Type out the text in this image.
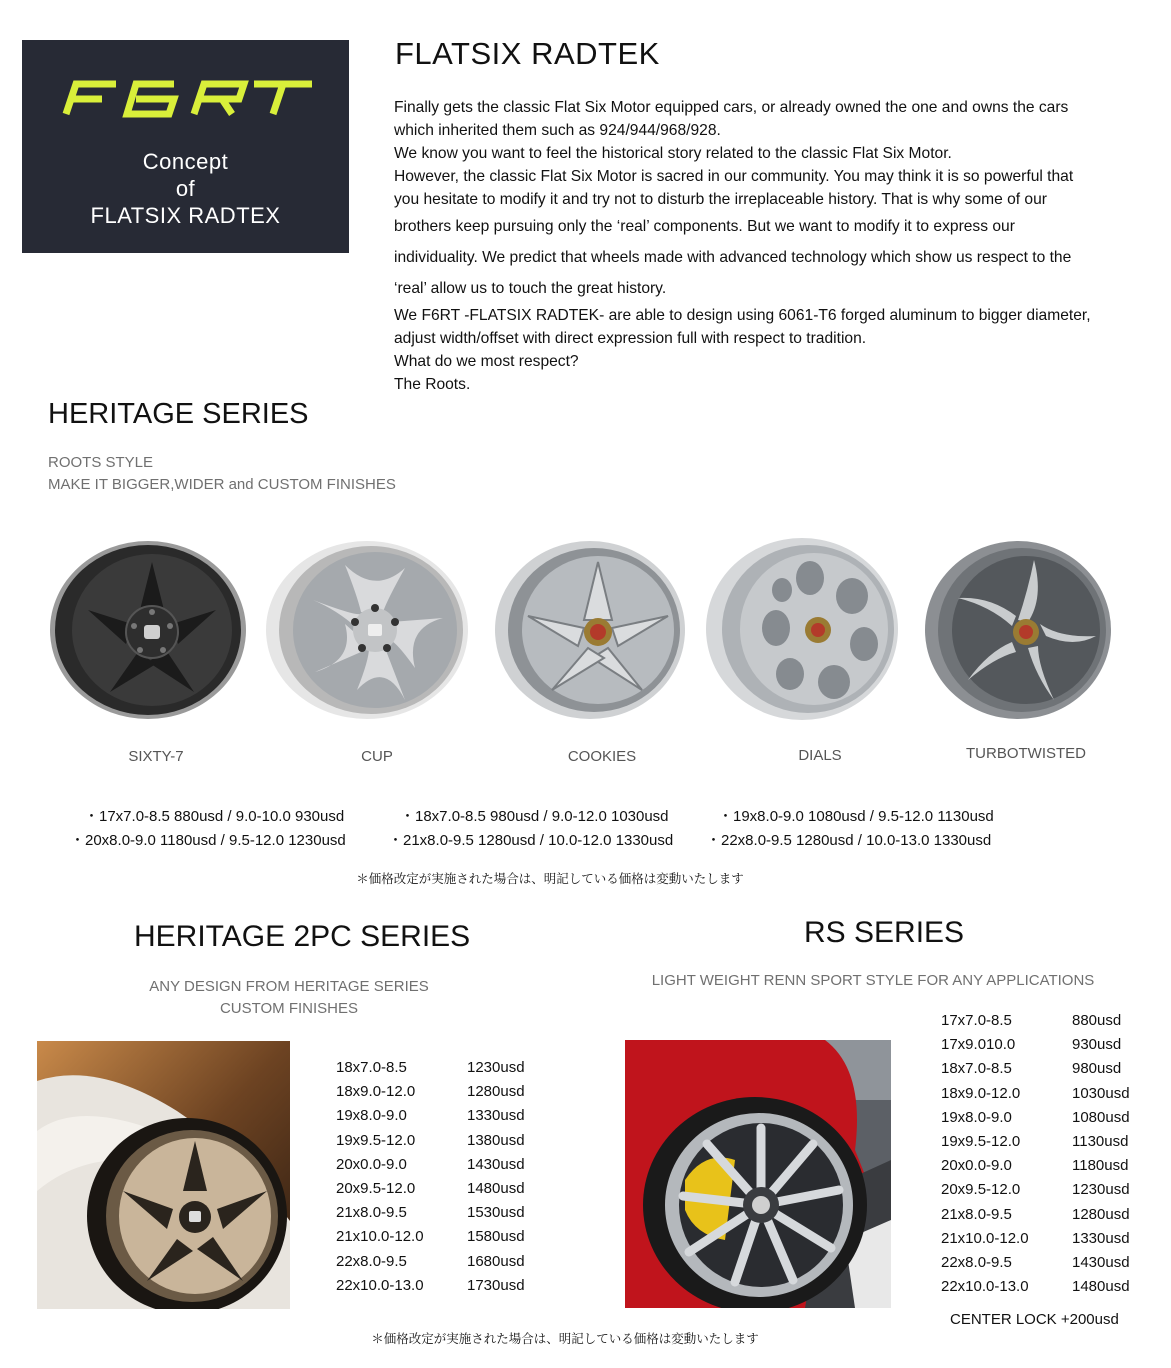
Concept
of
FLATSIX RADTEX
FLATSIX RADTEK
Finally gets the classic Flat Six Motor equipped cars, or already owned the one and owns the cars
which inherited them such as 924/944/968/928.
We know you want to feel the historical story related to the classic Flat Six Motor.
However, the classic Flat Six Motor is sacred in our community. You may think it is so powerful that
you hesitate to modify it and try not to disturb the irreplaceable history. That is why some of our
brothers keep pursuing only the ‘real’ components. But we want to modify it to express our
individuality. We predict that wheels made with advanced technology which show us respect to the
‘real’ allow us to touch the great history.
We F6RT -FLATSIX RADTEK- are able to design using 6061-T6 forged aluminum to bigger diameter,
adjust width/offset with direct expression full with respect to tradition.
What do we most respect?
The Roots.
HERITAGE SERIES
ROOTS STYLE
MAKE IT BIGGER,WIDER and CUSTOM FINISHES
SIXTY-7	CUP	COOKIES	DIALS	TURBOTWISTED
・17x7.0-8.5 880usd / 9.0-10.0 930usd	・18x7.0-8.5 980usd / 9.0-12.0 1030usd	・19x8.0-9.0 1080usd / 9.5-12.0 1130usd
・20x8.0-9.0 1180usd / 9.5-12.0 1230usd	・21x8.0-9.5 1280usd / 10.0-12.0 1330usd ・22x8.0-9.5 1280usd / 10.0-13.0 1330usd
＊価格改定が実施された場合は、明記している価格は変動いたします
HERITAGE 2PC SERIES
ANY DESIGN FROM HERITAGE SERIES
CUSTOM FINISHES
18x7.0-8.5	1230usd
18x9.0-12.0	1280usd
19x8.0-9.0	1330usd
19x9.5-12.0	1380usd
20x0.0-9.0	1430usd
20x9.5-12.0	1480usd
21x8.0-9.5	1530usd
21x10.0-12.0	1580usd
22x8.0-9.5	1680usd
22x10.0-13.0	1730usd
＊価格改定が実施された場合は、明記している価格は変動いたします
RS SERIES
LIGHT WEIGHT RENN SPORT STYLE FOR ANY APPLICATIONS
17x7.0-8.5	880usd
17x9.010.0	930usd
18x7.0-8.5	980usd
18x9.0-12.0	1030usd
19x8.0-9.0	1080usd
19x9.5-12.0	1130usd
20x0.0-9.0	1180usd
20x9.5-12.0	1230usd
21x8.0-9.5	1280usd
21x10.0-12.0	1330usd
22x8.0-9.5	1430usd
22x10.0-13.0	1480usd
CENTER LOCK +200usd
